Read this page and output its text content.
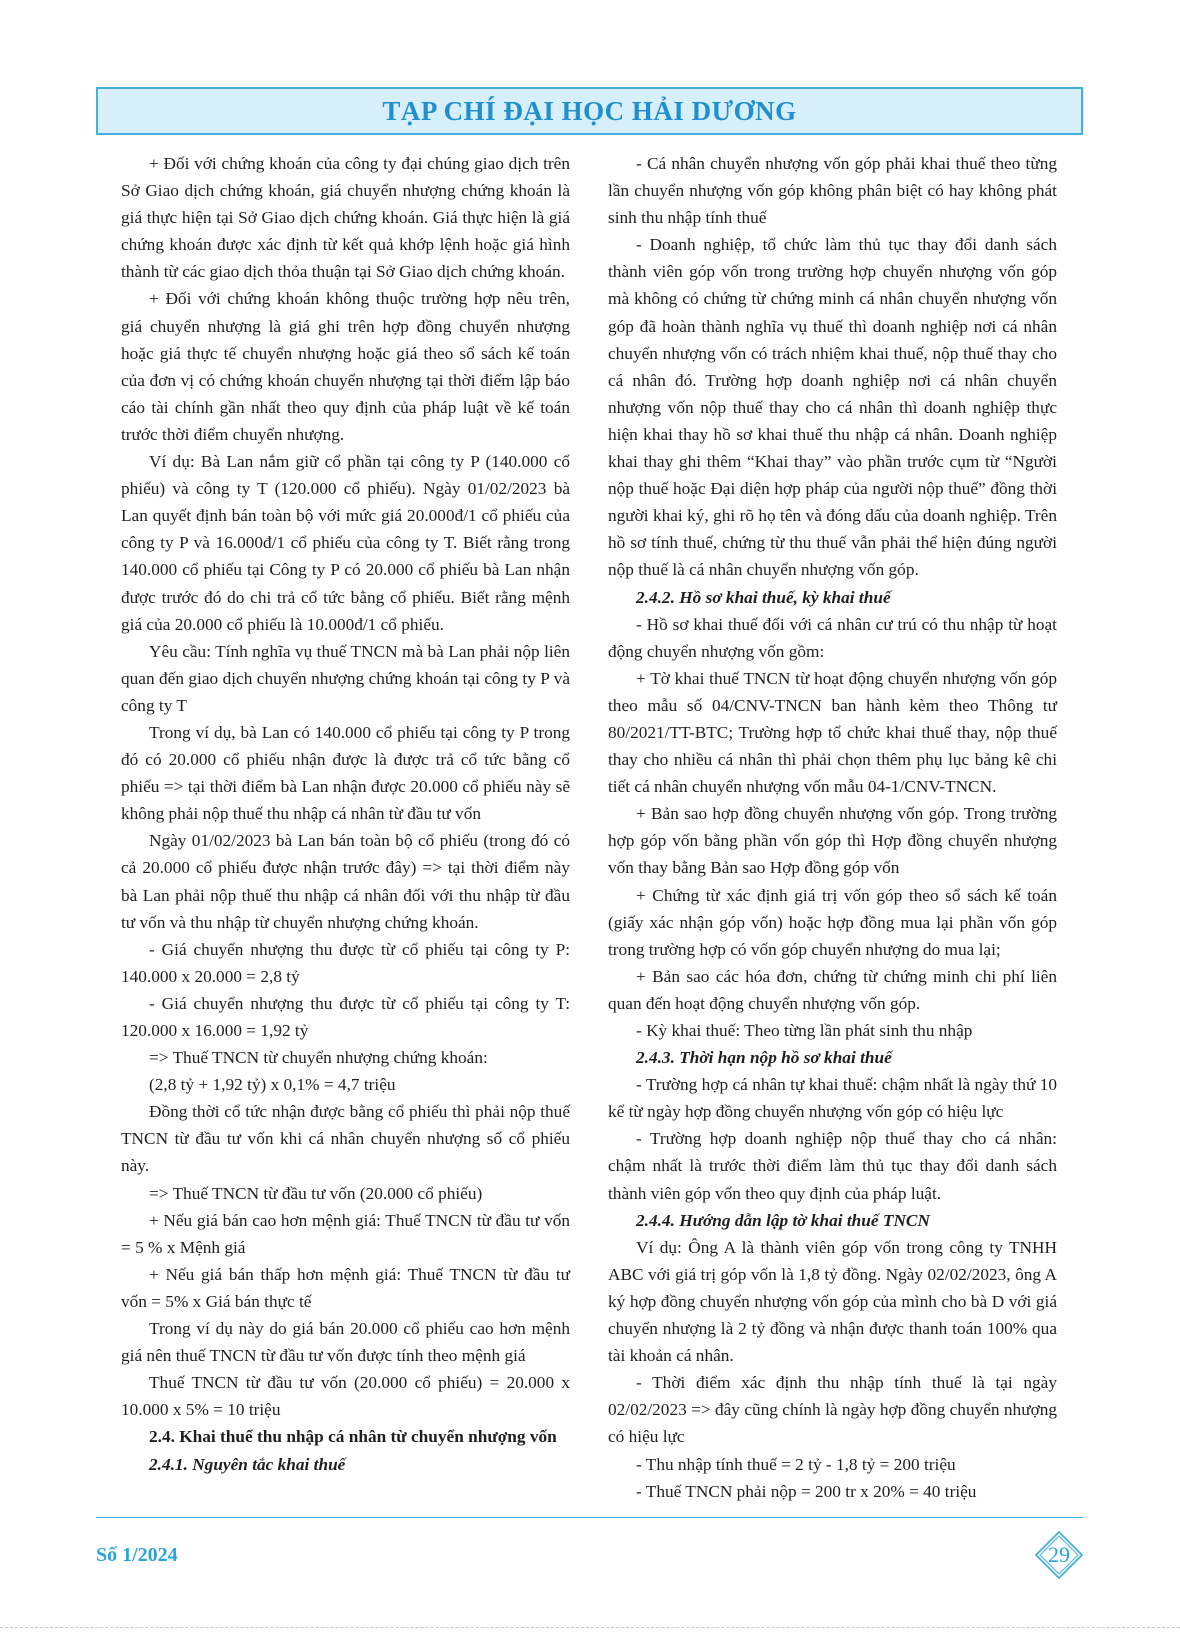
TẠP CHÍ ĐẠI HỌC HẢI DƯƠNG

+ Đối với chứng khoán của công ty đại chúng giao dịch trên Sở Giao dịch chứng khoán, giá chuyển nhượng chứng khoán là giá thực hiện tại Sở Giao dịch chứng khoán. Giá thực hiện là giá chứng khoán được xác định từ kết quả khớp lệnh hoặc giá hình thành từ các giao dịch thỏa thuận tại Sở Giao dịch chứng khoán.

+ Đối với chứng khoán không thuộc trường hợp nêu trên, giá chuyển nhượng là giá ghi trên hợp đồng chuyển nhượng hoặc giá thực tế chuyển nhượng hoặc giá theo sổ sách kế toán của đơn vị có chứng khoán chuyển nhượng tại thời điểm lập báo cáo tài chính gần nhất theo quy định của pháp luật về kế toán trước thời điểm chuyển nhượng.

Ví dụ: Bà Lan nắm giữ cổ phần tại công ty P (140.000 cổ phiếu) và công ty T (120.000 cổ phiếu). Ngày 01/02/2023 bà Lan quyết định bán toàn bộ với mức giá 20.000đ/1 cổ phiếu của công ty P và 16.000đ/1 cổ phiếu của công ty T. Biết rằng trong 140.000 cổ phiếu tại Công ty P có 20.000 cổ phiếu bà Lan nhận được trước đó do chi trả cổ tức bằng cổ phiếu. Biết rằng mệnh giá của 20.000 cổ phiếu là 10.000đ/1 cổ phiếu.

Yêu cầu: Tính nghĩa vụ thuế TNCN mà bà Lan phải nộp liên quan đến giao dịch chuyển nhượng chứng khoán tại công ty P và công ty T

Trong ví dụ, bà Lan có 140.000 cổ phiếu tại công ty P trong đó có 20.000 cổ phiếu nhận được là được trả cổ tức bằng cổ phiếu => tại thời điểm bà Lan nhận được 20.000 cổ phiếu này sẽ không phải nộp thuế thu nhập cá nhân từ đầu tư vốn

Ngày 01/02/2023 bà Lan bán toàn bộ cổ phiếu (trong đó có cả 20.000 cổ phiếu được nhận trước đây) => tại thời điểm này bà Lan phải nộp thuế thu nhập cá nhân đối với thu nhập từ đầu tư vốn và thu nhập từ chuyển nhượng chứng khoán.

- Giá chuyển nhượng thu được từ cổ phiếu tại công ty P: 140.000 x 20.000 = 2,8 tỷ

- Giá chuyển nhượng thu được từ cổ phiếu tại công ty T: 120.000 x 16.000 = 1,92 tỷ

=> Thuế TNCN từ chuyển nhượng chứng khoán:

(2,8 tỷ + 1,92 tỷ) x 0,1% = 4,7 triệu

Đồng thời cổ tức nhận được bằng cổ phiếu thì phải nộp thuế TNCN từ đầu tư vốn khi cá nhân chuyển nhượng số cổ phiếu này.

=> Thuế TNCN từ đầu tư vốn (20.000 cổ phiếu)

+ Nếu giá bán cao hơn mệnh giá: Thuế TNCN từ đầu tư vốn = 5 % x Mệnh giá

+ Nếu giá bán thấp hơn mệnh giá: Thuế TNCN từ đầu tư vốn = 5% x Giá bán thực tế

Trong ví dụ này do giá bán 20.000 cổ phiếu cao hơn mệnh giá nên thuế TNCN từ đầu tư vốn được tính theo mệnh giá

Thuế TNCN từ đầu tư vốn (20.000 cổ phiếu) = 20.000 x 10.000 x 5% = 10 triệu

2.4. Khai thuế thu nhập cá nhân từ chuyển nhượng vốn

2.4.1. Nguyên tắc khai thuế

- Cá nhân chuyển nhượng vốn góp phải khai thuế theo từng lần chuyển nhượng vốn góp không phân biệt có hay không phát sinh thu nhập tính thuế

- Doanh nghiệp, tổ chức làm thủ tục thay đổi danh sách thành viên góp vốn trong trường hợp chuyển nhượng vốn góp mà không có chứng từ chứng minh cá nhân chuyển nhượng vốn góp đã hoàn thành nghĩa vụ thuế thì doanh nghiệp nơi cá nhân chuyển nhượng vốn có trách nhiệm khai thuế, nộp thuế thay cho cá nhân đó. Trường hợp doanh nghiệp nơi cá nhân chuyển nhượng vốn nộp thuế thay cho cá nhân thì doanh nghiệp thực hiện khai thay hồ sơ khai thuế thu nhập cá nhân. Doanh nghiệp khai thay ghi thêm “Khai thay” vào phần trước cụm từ “Người nộp thuế hoặc Đại diện hợp pháp của người nộp thuế” đồng thời người khai ký, ghi rõ họ tên và đóng dấu của doanh nghiệp. Trên hồ sơ tính thuế, chứng từ thu thuế vẫn phải thể hiện đúng người nộp thuế là cá nhân chuyển nhượng vốn góp.

2.4.2. Hồ sơ khai thuế, kỳ khai thuế

- Hồ sơ khai thuế đối với cá nhân cư trú có thu nhập từ hoạt động chuyển nhượng vốn gồm:

+ Tờ khai thuế TNCN từ hoạt động chuyển nhượng vốn góp theo mẫu số 04/CNV-TNCN ban hành kèm theo Thông tư 80/2021/TT-BTC; Trường hợp tổ chức khai thuế thay, nộp thuế thay cho nhiều cá nhân thì phải chọn thêm phụ lục bảng kê chi tiết cá nhân chuyển nhượng vốn mẫu 04-1/CNV-TNCN.

+ Bản sao hợp đồng chuyển nhượng vốn góp. Trong trường hợp góp vốn bằng phần vốn góp thì Hợp đồng chuyển nhượng vốn thay bằng Bản sao Hợp đồng góp vốn

+ Chứng từ xác định giá trị vốn góp theo sổ sách kế toán (giấy xác nhận góp vốn) hoặc hợp đồng mua lại phần vốn góp trong trường hợp có vốn góp chuyển nhượng do mua lại;

+ Bản sao các hóa đơn, chứng từ chứng minh chi phí liên quan đến hoạt động chuyển nhượng vốn góp.

- Kỳ khai thuế: Theo từng lần phát sinh thu nhập

2.4.3. Thời hạn nộp hồ sơ khai thuế

- Trường hợp cá nhân tự khai thuế: chậm nhất là ngày thứ 10 kể từ ngày hợp đồng chuyển nhượng vốn góp có hiệu lực

- Trường hợp doanh nghiệp nộp thuế thay cho cá nhân: chậm nhất là trước thời điểm làm thủ tục thay đổi danh sách thành viên góp vốn theo quy định của pháp luật.

2.4.4. Hướng dẫn lập tờ khai thuế TNCN

Ví dụ: Ông A là thành viên góp vốn trong công ty TNHH ABC với giá trị góp vốn là 1,8 tỷ đồng. Ngày 02/02/2023, ông A ký hợp đồng chuyển nhượng vốn góp của mình cho bà D với giá chuyển nhượng là 2 tỷ đồng và nhận được thanh toán 100% qua tài khoản cá nhân.

- Thời điểm xác định thu nhập tính thuế là tại ngày 02/02/2023 => đây cũng chính là ngày hợp đồng chuyển nhượng có hiệu lực

- Thu nhập tính thuế = 2 tỷ - 1,8 tỷ = 200 triệu

- Thuế TNCN phải nộp = 200 tr x 20% = 40 triệu

Số 1/2024	29
